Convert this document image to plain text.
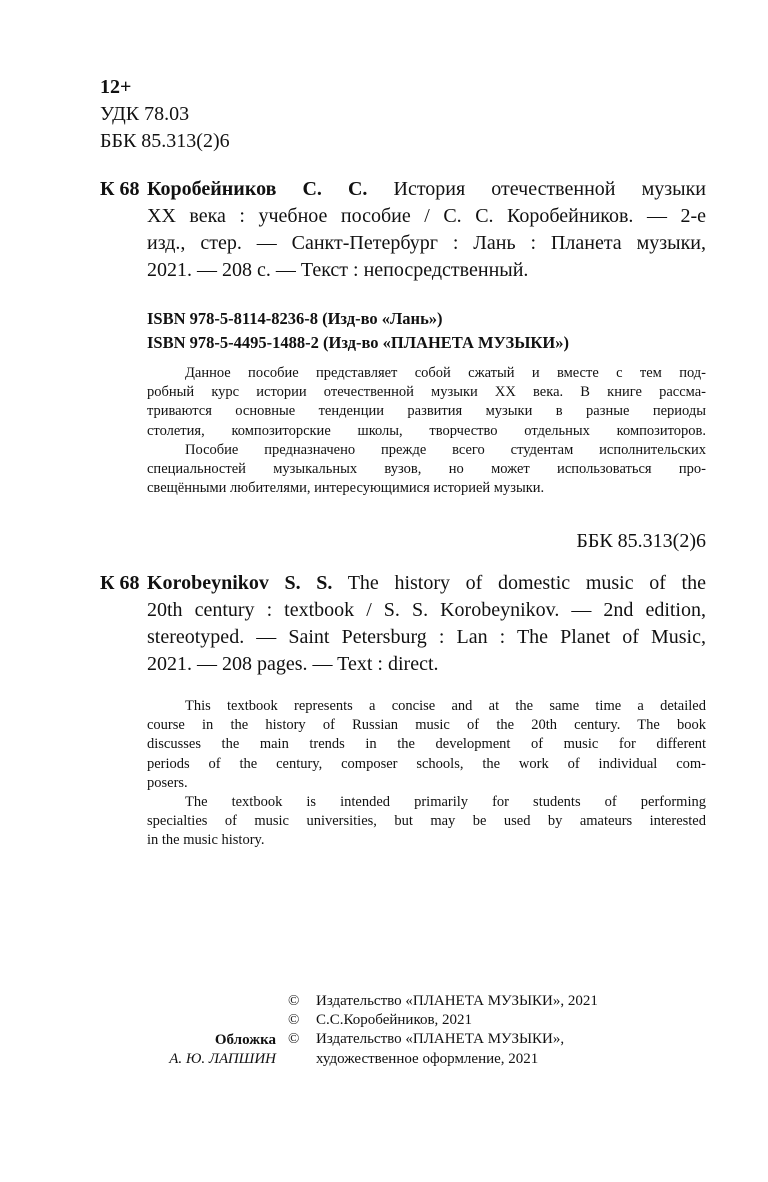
12+
УДК 78.03
ББК 85.313(2)6
К 68 Коробейников С. С. История отечественной музыки
XX века : учебное пособие / С. С. Коробейников. — 2-е
изд., стер. — Санкт-Петербург : Лань : Планета музыки,
2021. — 208 с. — Текст : непосредственный.
ISBN 978-5-8114-8236-8 (Изд-во «Лань»)
ISBN 978-5-4495-1488-2 (Изд-во «ПЛАНЕТА МУЗЫКИ»)
Данное пособие представляет собой сжатый и вместе с тем под-
робный курс истории отечественной музыки XX века. В книге рассма-
триваются основные тенденции развития музыки в разные периоды
столетия, композиторские школы, творчество отдельных композиторов.
Пособие предназначено прежде всего студентам исполнительских
специальностей музыкальных вузов, но может использоваться про-
свещёнными любителями, интересующимися историей музыки.
ББК 85.313(2)6
К 68 Korobeynikov S. S. The history of domestic music of the
20th century : textbook / S. S. Korobeynikov. — 2nd edition,
stereotyped. — Saint Petersburg : Lan : The Planet of Music,
2021. — 208 pages. — Text : direct.
This textbook represents a concise and at the same time a detailed
course in the history of Russian music of the 20th century. The book
discusses the main trends in the development of music for different
periods of the century, composer schools, the work of individual com-
posers.
The textbook is intended primarily for students of performing
specialties of music universities, but may be used by amateurs interested
in the music history.
Обложка
А. Ю. ЛАПШИН
© Издательство «ПЛАНЕТА МУЗЫКИ», 2021
© С.С.Коробейников, 2021
© Издательство «ПЛАНЕТА МУЗЫКИ»,
художественное оформление, 2021
